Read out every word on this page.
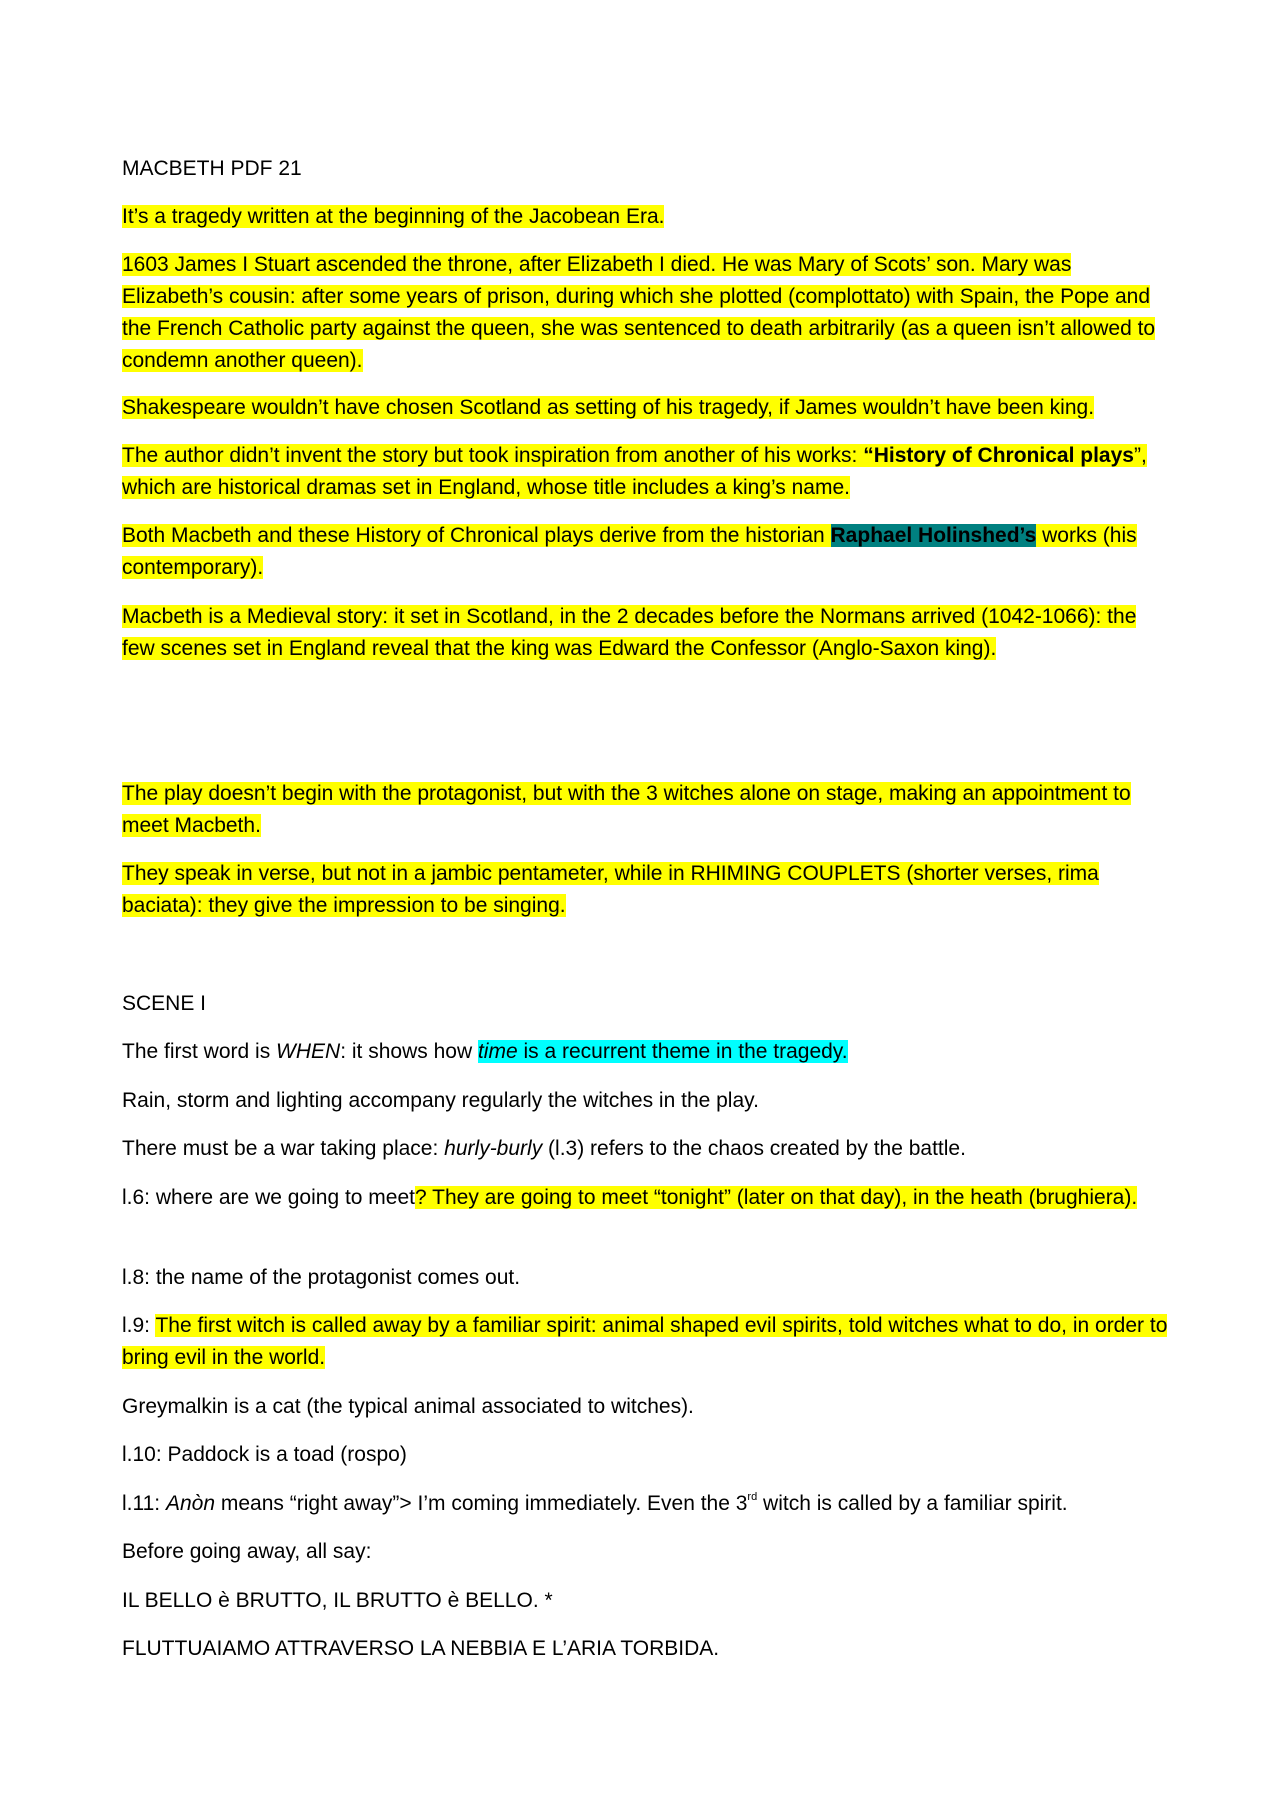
MACBETH PDF 21

It’s a tragedy written at the beginning of the Jacobean Era.

1603 James I Stuart ascended the throne, after Elizabeth I died. He was Mary of Scots’ son. Mary was Elizabeth’s cousin: after some years of prison, during which she plotted (complottato) with Spain, the Pope and the French Catholic party against the queen, she was sentenced to death arbitrarily (as a queen isn’t allowed to condemn another queen).

Shakespeare wouldn’t have chosen Scotland as setting of his tragedy, if James wouldn’t have been king.

The author didn’t invent the story but took inspiration from another of his works: “History of Chronical plays”, which are historical dramas set in England, whose title includes a king’s name.

Both Macbeth and these History of Chronical plays derive from the historian Raphael Holinshed’s works (his contemporary).

Macbeth is a Medieval story: it set in Scotland, in the 2 decades before the Normans arrived (1042-1066): the few scenes set in England reveal that the king was Edward the Confessor (Anglo-Saxon king).

The play doesn’t begin with the protagonist, but with the 3 witches alone on stage, making an appointment to meet Macbeth.

They speak in verse, but not in a jambic pentameter, while in RHIMING COUPLETS (shorter verses, rima baciata): they give the impression to be singing.

SCENE I

The first word is WHEN: it shows how time is a recurrent theme in the tragedy.

Rain, storm and lighting accompany regularly the witches in the play.

There must be a war taking place: hurly-burly (l.3) refers to the chaos created by the battle.

l.6: where are we going to meet? They are going to meet “tonight” (later on that day), in the heath (brughiera).

l.8: the name of the protagonist comes out.

l.9: The first witch is called away by a familiar spirit: animal shaped evil spirits, told witches what to do, in order to bring evil in the world.

Greymalkin is a cat (the typical animal associated to witches).

l.10: Paddock is a toad (rospo)

l.11: Anòn means “right away”> I’m coming immediately. Even the 3rd witch is called by a familiar spirit.

Before going away, all say:

IL BELLO è BRUTTO, IL BRUTTO è BELLO. *

FLUTTUAIAMO ATTRAVERSO LA NEBBIA E L’ARIA TORBIDA.
